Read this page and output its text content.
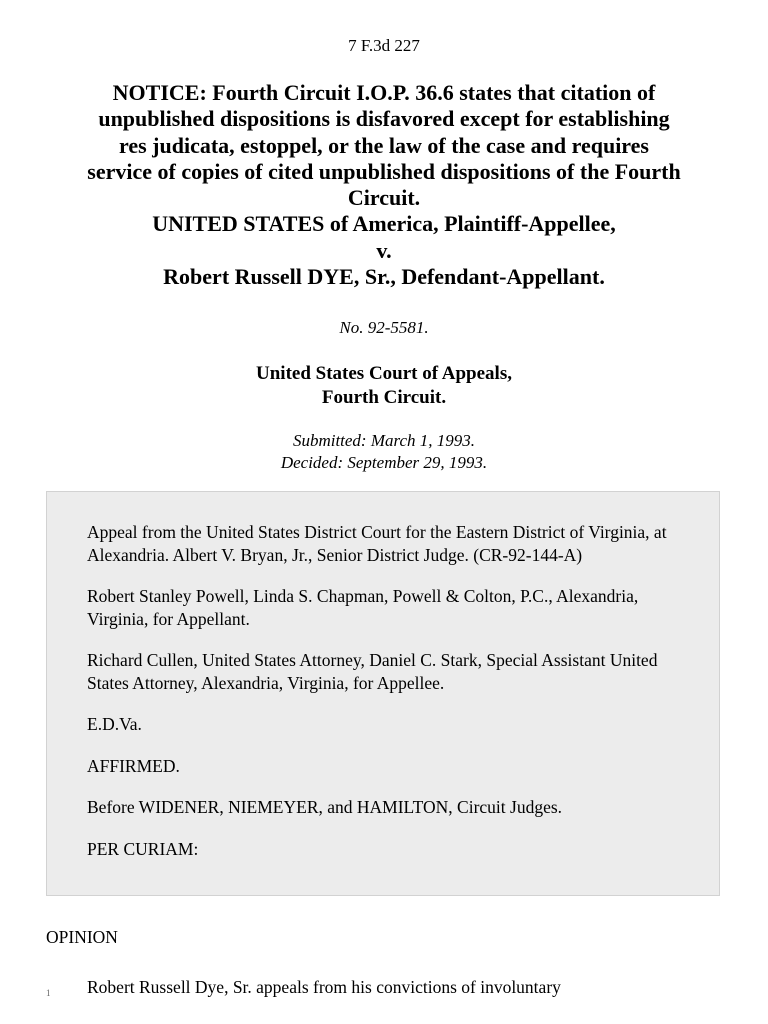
7 F.3d 227
NOTICE: Fourth Circuit I.O.P. 36.6 states that citation of
unpublished dispositions is disfavored except for establishing
res judicata, estoppel, or the law of the case and requires
service of copies of cited unpublished dispositions of the Fourth
Circuit.
UNITED STATES of America, Plaintiff-Appellee,
v.
Robert Russell DYE, Sr., Defendant-Appellant.
No. 92-5581.
United States Court of Appeals,
Fourth Circuit.
Submitted: March 1, 1993.
Decided: September 29, 1993.

Appeal from the United States District Court for the Eastern District of Virginia, at Alexandria. Albert V. Bryan, Jr., Senior District Judge. (CR-92-144-A)

Robert Stanley Powell, Linda S. Chapman, Powell & Colton, P.C., Alexandria, Virginia, for Appellant.

Richard Cullen, United States Attorney, Daniel C. Stark, Special Assistant United States Attorney, Alexandria, Virginia, for Appellee.

E.D.Va.

AFFIRMED.

Before WIDENER, NIEMEYER, and HAMILTON, Circuit Judges.

PER CURIAM:

OPINION
1 Robert Russell Dye, Sr. appeals from his convictions of involuntary
